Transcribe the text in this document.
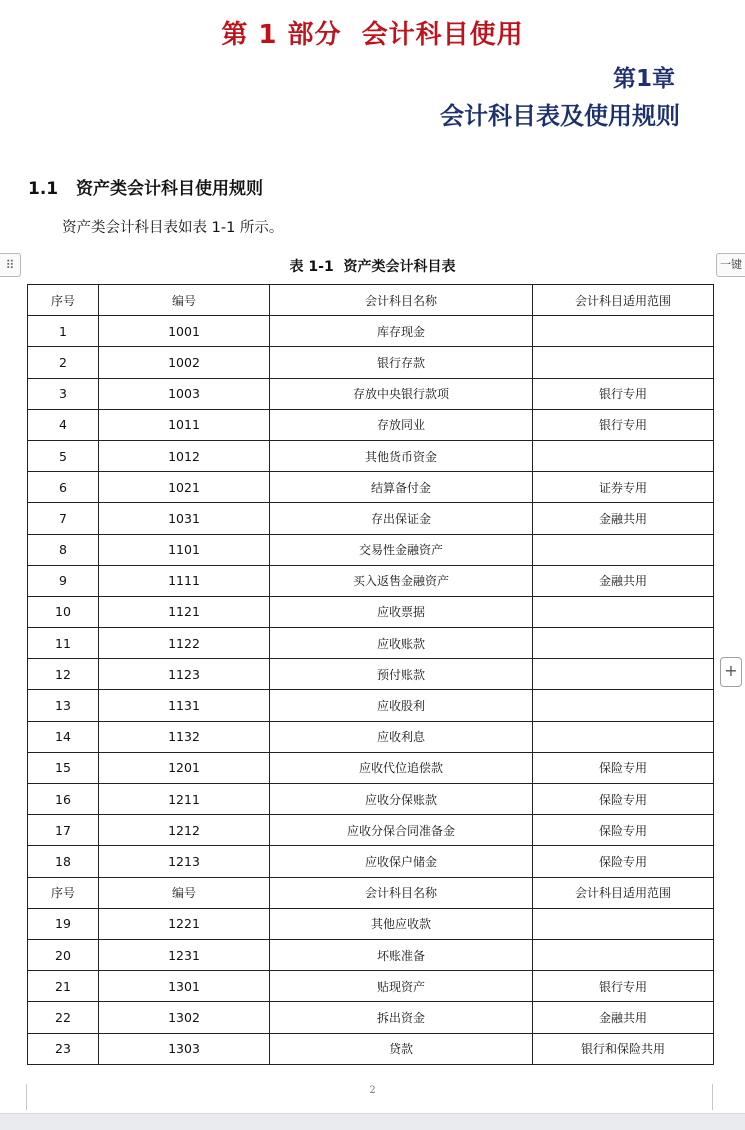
第 1 部分  会计科目使用
第1章
会计科目表及使用规则
1.1 资产类会计科目使用规则
资产类会计科目表如表 1-1 所示。
⠿	一键
表 1-1  资产类会计科目表
序号	编号	会计科目名称	会计科目适用范围
1	1001	库存现金	
2	1002	银行存款	
3	1003	存放中央银行款项	银行专用
4	1011	存放同业	银行专用
5	1012	其他货币资金	
6	1021	结算备付金	证券专用
7	1031	存出保证金	金融共用
8	1101	交易性金融资产	
9	1111	买入返售金融资产	金融共用
10	1121	应收票据	
11	1122	应收账款	
12	1123	预付账款	
13	1131	应收股利	
14	1132	应收利息	
15	1201	应收代位追偿款	保险专用
16	1211	应收分保账款	保险专用
17	1212	应收分保合同准备金	保险专用
18	1213	应收保户储金	保险专用
序号	编号	会计科目名称	会计科目适用范围
19	1221	其他应收款	
20	1231	坏账准备	
21	1301	贴现资产	银行专用
22	1302	拆出资金	金融共用
23	1303	贷款	银行和保险共用
+
2
